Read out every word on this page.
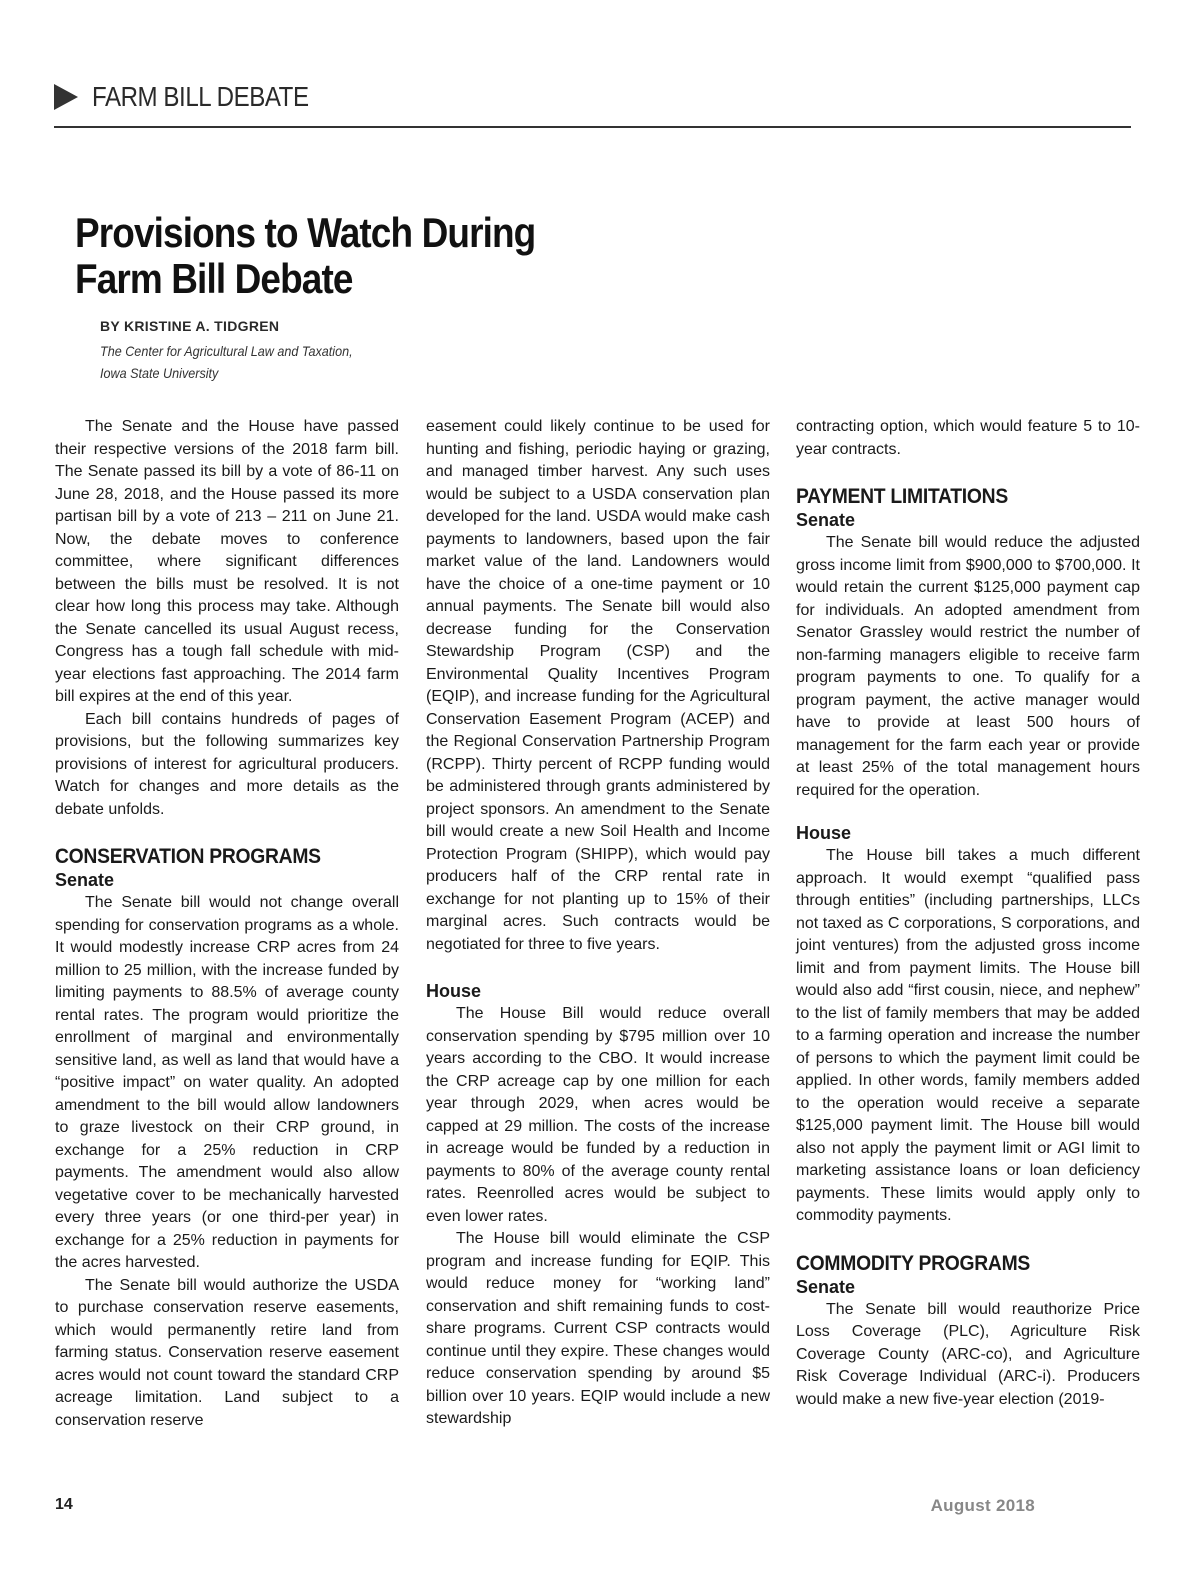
FARM BILL DEBATE
Provisions to Watch During
Farm Bill Debate
BY KRISTINE A. TIDGREN
The Center for Agricultural Law and Taxation, Iowa State University

The Senate and the House have passed their respective versions of the 2018 farm bill. The Senate passed its bill by a vote of 86-11 on June 28, 2018, and the House passed its more partisan bill by a vote of 213 – 211 on June 21. Now, the debate moves to conference committee, where significant differences between the bills must be resolved. It is not clear how long this process may take. Although the Senate cancelled its usual August recess, Congress has a tough fall schedule with mid-year elections fast approaching. The 2014 farm bill expires at the end of this year.

Each bill contains hundreds of pages of provisions, but the following summarizes key provisions of interest for agricultural producers. Watch for changes and more details as the debate unfolds.

CONSERVATION PROGRAMS
Senate

The Senate bill would not change overall spending for conservation programs as a whole. It would modestly increase CRP acres from 24 million to 25 million, with the increase funded by limiting payments to 88.5% of average county rental rates. The program would prioritize the enrollment of marginal and environmentally sensitive land, as well as land that would have a “positive impact” on water quality. An adopted amendment to the bill would allow landowners to graze livestock on their CRP ground, in exchange for a 25% reduction in CRP payments. The amendment would also allow vegetative cover to be mechanically harvested every three years (or one third-per year) in exchange for a 25% reduction in payments for the acres harvested.

The Senate bill would authorize the USDA to purchase conservation reserve easements, which would permanently retire land from farming status. Conservation reserve easement acres would not count toward the standard CRP acreage limitation. Land subject to a conservation reserve

easement could likely continue to be used for hunting and fishing, periodic haying or grazing, and managed timber harvest. Any such uses would be subject to a USDA conservation plan developed for the land. USDA would make cash payments to landowners, based upon the fair market value of the land. Landowners would have the choice of a one-time payment or 10 annual payments. The Senate bill would also decrease funding for the Conservation Stewardship Program (CSP) and the Environmental Quality Incentives Program (EQIP), and increase funding for the Agricultural Conservation Easement Program (ACEP) and the Regional Conservation Partnership Program (RCPP). Thirty percent of RCPP funding would be administered through grants administered by project sponsors. An amendment to the Senate bill would create a new Soil Health and Income Protection Program (SHIPP), which would pay producers half of the CRP rental rate in exchange for not planting up to 15% of their marginal acres. Such contracts would be negotiated for three to five years.

House

The House Bill would reduce overall conservation spending by $795 million over 10 years according to the CBO. It would increase the CRP acreage cap by one million for each year through 2029, when acres would be capped at 29 million. The costs of the increase in acreage would be funded by a reduction in payments to 80% of the average county rental rates. Reenrolled acres would be subject to even lower rates.

The House bill would eliminate the CSP program and increase funding for EQIP. This would reduce money for “working land” conservation and shift remaining funds to cost-share programs. Current CSP contracts would continue until they expire. These changes would reduce conservation spending by around $5 billion over 10 years. EQIP would include a new stewardship

contracting option, which would feature 5 to 10-year contracts.

PAYMENT LIMITATIONS
Senate

The Senate bill would reduce the adjusted gross income limit from $900,000 to $700,000. It would retain the current $125,000 payment cap for individuals. An adopted amendment from Senator Grassley would restrict the number of non-farming managers eligible to receive farm program payments to one. To qualify for a program payment, the active manager would have to provide at least 500 hours of management for the farm each year or provide at least 25% of the total management hours required for the operation.

House

The House bill takes a much different approach. It would exempt “qualified pass through entities” (including partnerships, LLCs not taxed as C corporations, S corporations, and joint ventures) from the adjusted gross income limit and from payment limits. The House bill would also add “first cousin, niece, and nephew” to the list of family members that may be added to a farming operation and increase the number of persons to which the payment limit could be applied. In other words, family members added to the operation would receive a separate $125,000 payment limit. The House bill would also not apply the payment limit or AGI limit to marketing assistance loans or loan deficiency payments. These limits would apply only to commodity payments.

COMMODITY PROGRAMS
Senate

The Senate bill would reauthorize Price Loss Coverage (PLC), Agriculture Risk Coverage County (ARC-co), and Agriculture Risk Coverage Individual (ARC-i). Producers would make a new five-year election (2019-

14	August 2018
